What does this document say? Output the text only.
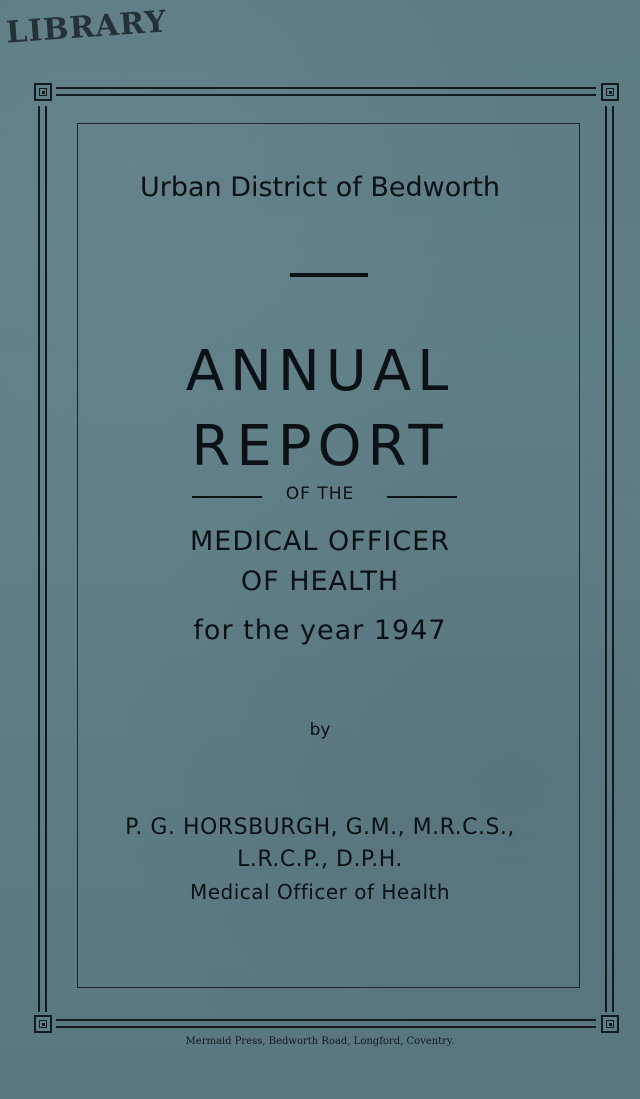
LIBRARY
Urban District of Bedworth
ANNUAL
REPORT
OF THE
MEDICAL OFFICER
OF HEALTH
for the year 1947
by
P. G. HORSBURGH, G.M., M.R.C.S.,
L.R.C.P., D.P.H.
Medical Officer of Health
Mermaid Press, Bedworth Road, Longford, Coventry.
